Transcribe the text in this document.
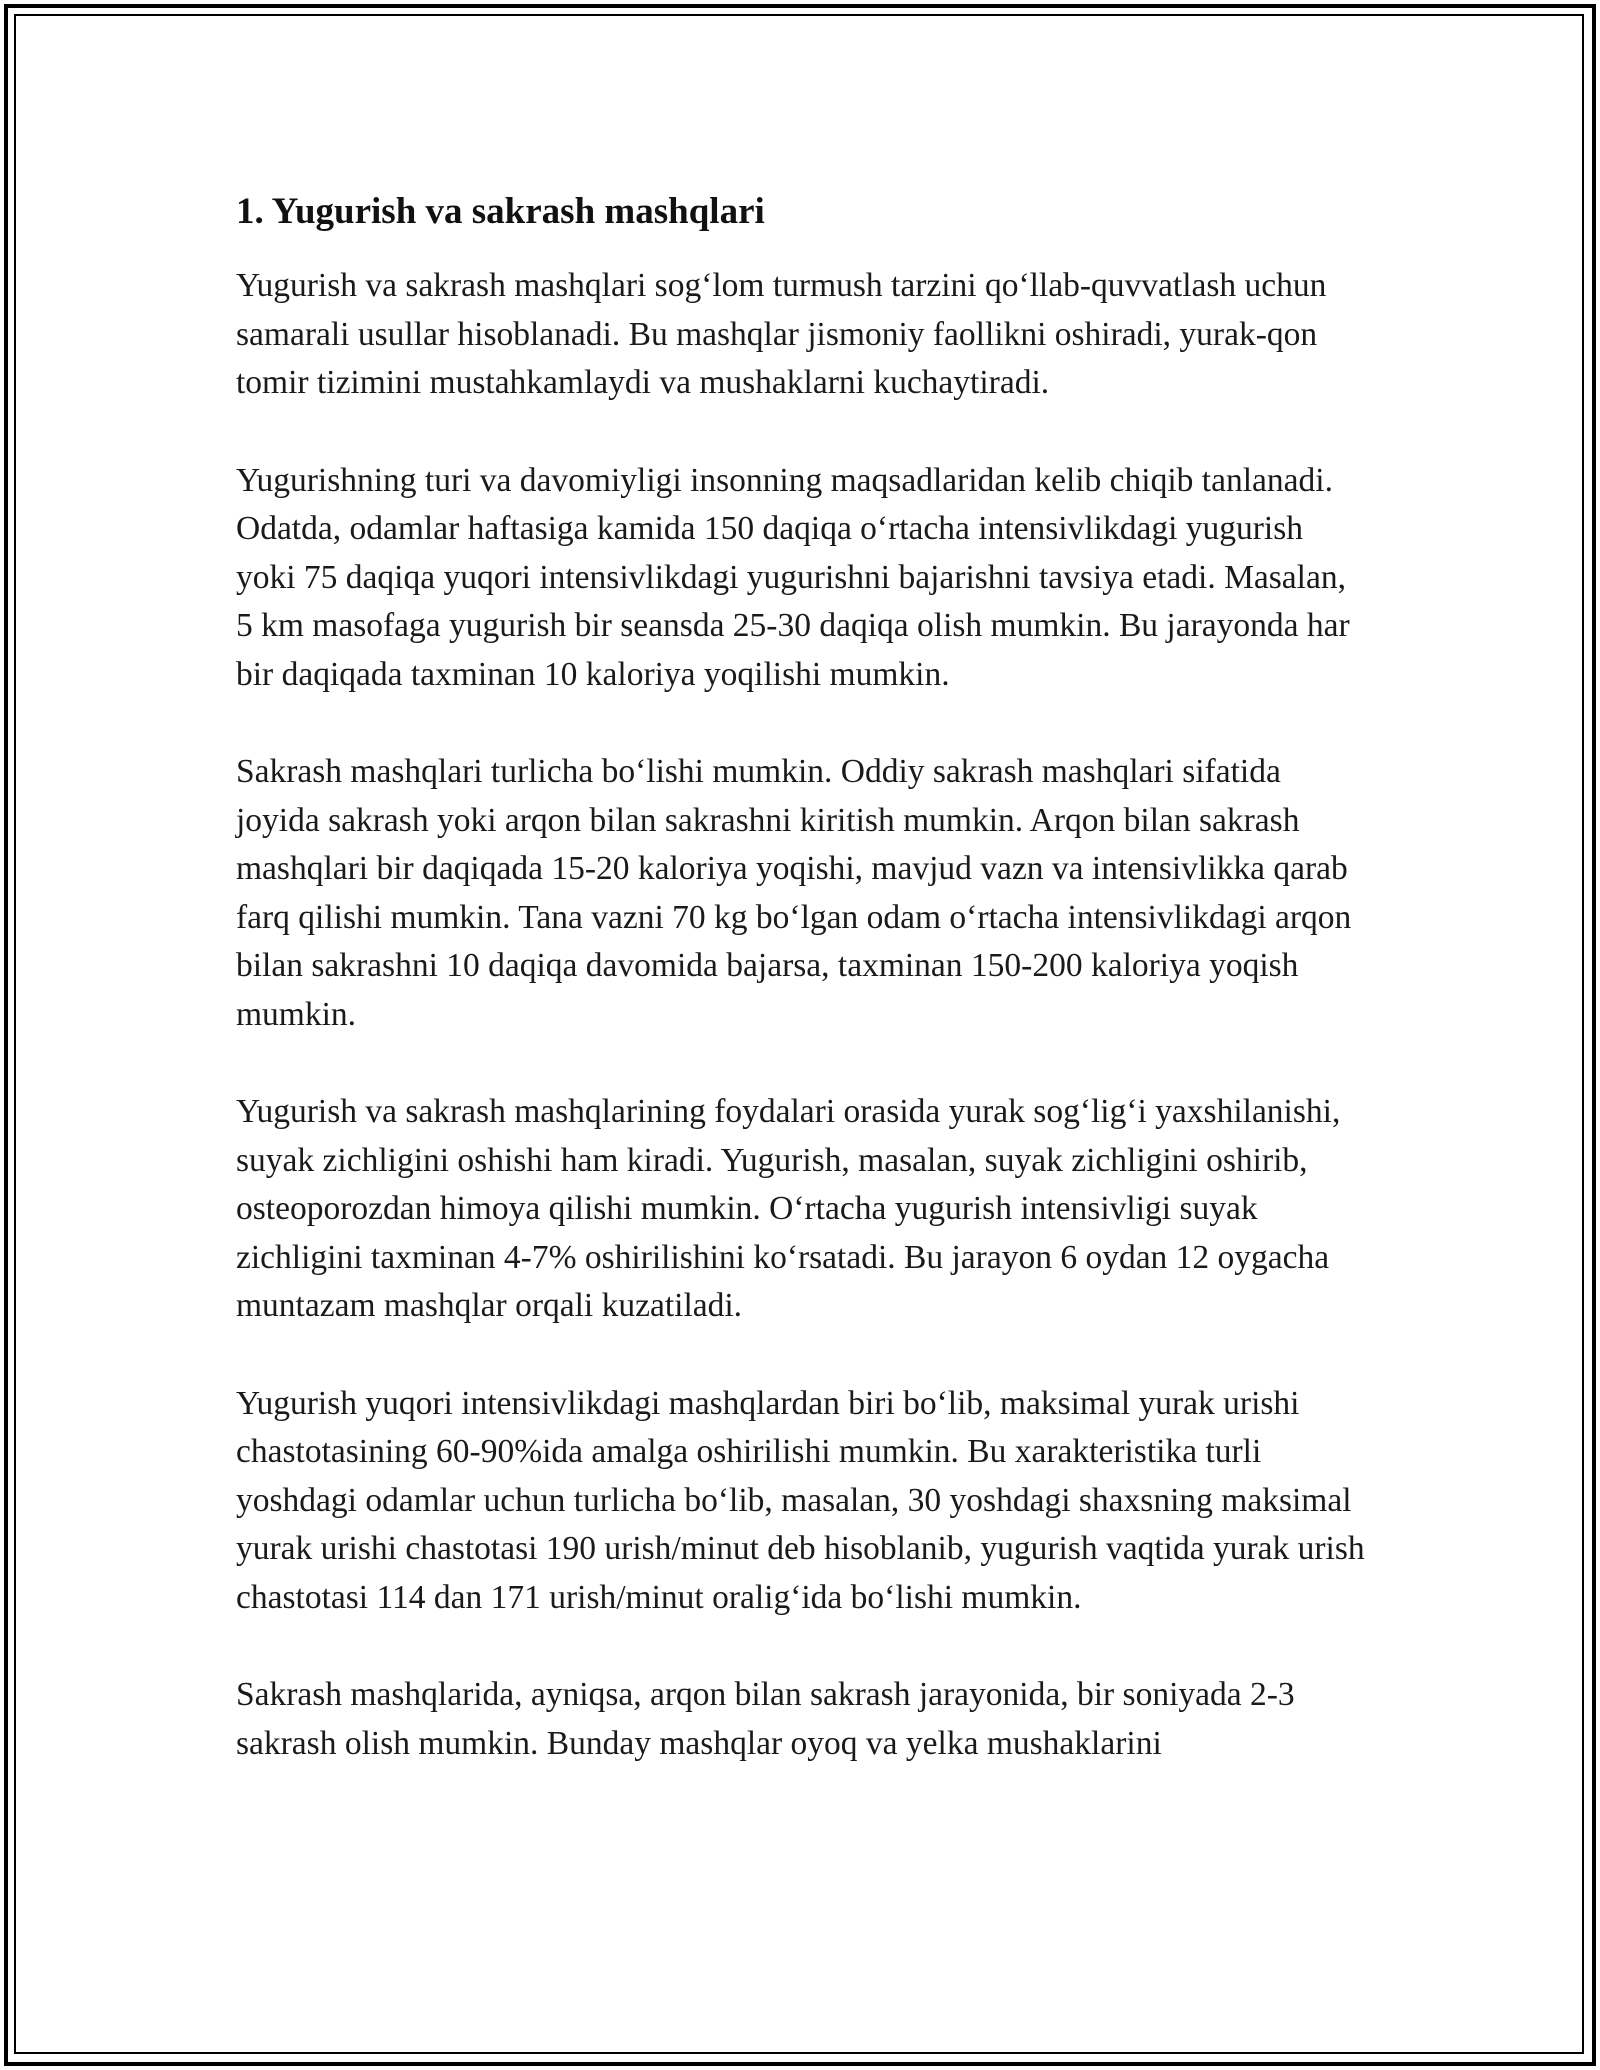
1. Yugurish va sakrash mashqlari

Yugurish va sakrash mashqlari sog‘lom turmush tarzini qo‘llab-quvvatlash uchun samarali usullar hisoblanadi. Bu mashqlar jismoniy faollikni oshiradi, yurak-qon tomir tizimini mustahkamlaydi va mushaklarni kuchaytiradi.

Yugurishning turi va davomiyligi insonning maqsadlaridan kelib chiqib tanlanadi. Odatda, odamlar haftasiga kamida 150 daqiqa o‘rtacha intensivlikdagi yugurish yoki 75 daqiqa yuqori intensivlikdagi yugurishni bajarishni tavsiya etadi. Masalan, 5 km masofaga yugurish bir seansda 25-30 daqiqa olish mumkin. Bu jarayonda har bir daqiqada taxminan 10 kaloriya yoqilishi mumkin.

Sakrash mashqlari turlicha bo‘lishi mumkin. Oddiy sakrash mashqlari sifatida joyida sakrash yoki arqon bilan sakrashni kiritish mumkin. Arqon bilan sakrash mashqlari bir daqiqada 15-20 kaloriya yoqishi, mavjud vazn va intensivlikka qarab farq qilishi mumkin. Tana vazni 70 kg bo‘lgan odam o‘rtacha intensivlikdagi arqon bilan sakrashni 10 daqiqa davomida bajarsa, taxminan 150-200 kaloriya yoqish mumkin.

Yugurish va sakrash mashqlarining foydalari orasida yurak sog‘lig‘i yaxshilanishi, suyak zichligini oshishi ham kiradi. Yugurish, masalan, suyak zichligini oshirib, osteoporozdan himoya qilishi mumkin. O‘rtacha yugurish intensivligi suyak zichligini taxminan 4-7% oshirilishini ko‘rsatadi. Bu jarayon 6 oydan 12 oygacha muntazam mashqlar orqali kuzatiladi.

Yugurish yuqori intensivlikdagi mashqlardan biri bo‘lib, maksimal yurak urishi chastotasining 60-90%ida amalga oshirilishi mumkin. Bu xarakteristika turli yoshdagi odamlar uchun turlicha bo‘lib, masalan, 30 yoshdagi shaxsning maksimal yurak urishi chastotasi 190 urish/minut deb hisoblanib, yugurish vaqtida yurak urish chastotasi 114 dan 171 urish/minut oralig‘ida bo‘lishi mumkin.

Sakrash mashqlarida, ayniqsa, arqon bilan sakrash jarayonida, bir soniyada 2-3 sakrash olish mumkin. Bunday mashqlar oyoq va yelka mushaklarini
